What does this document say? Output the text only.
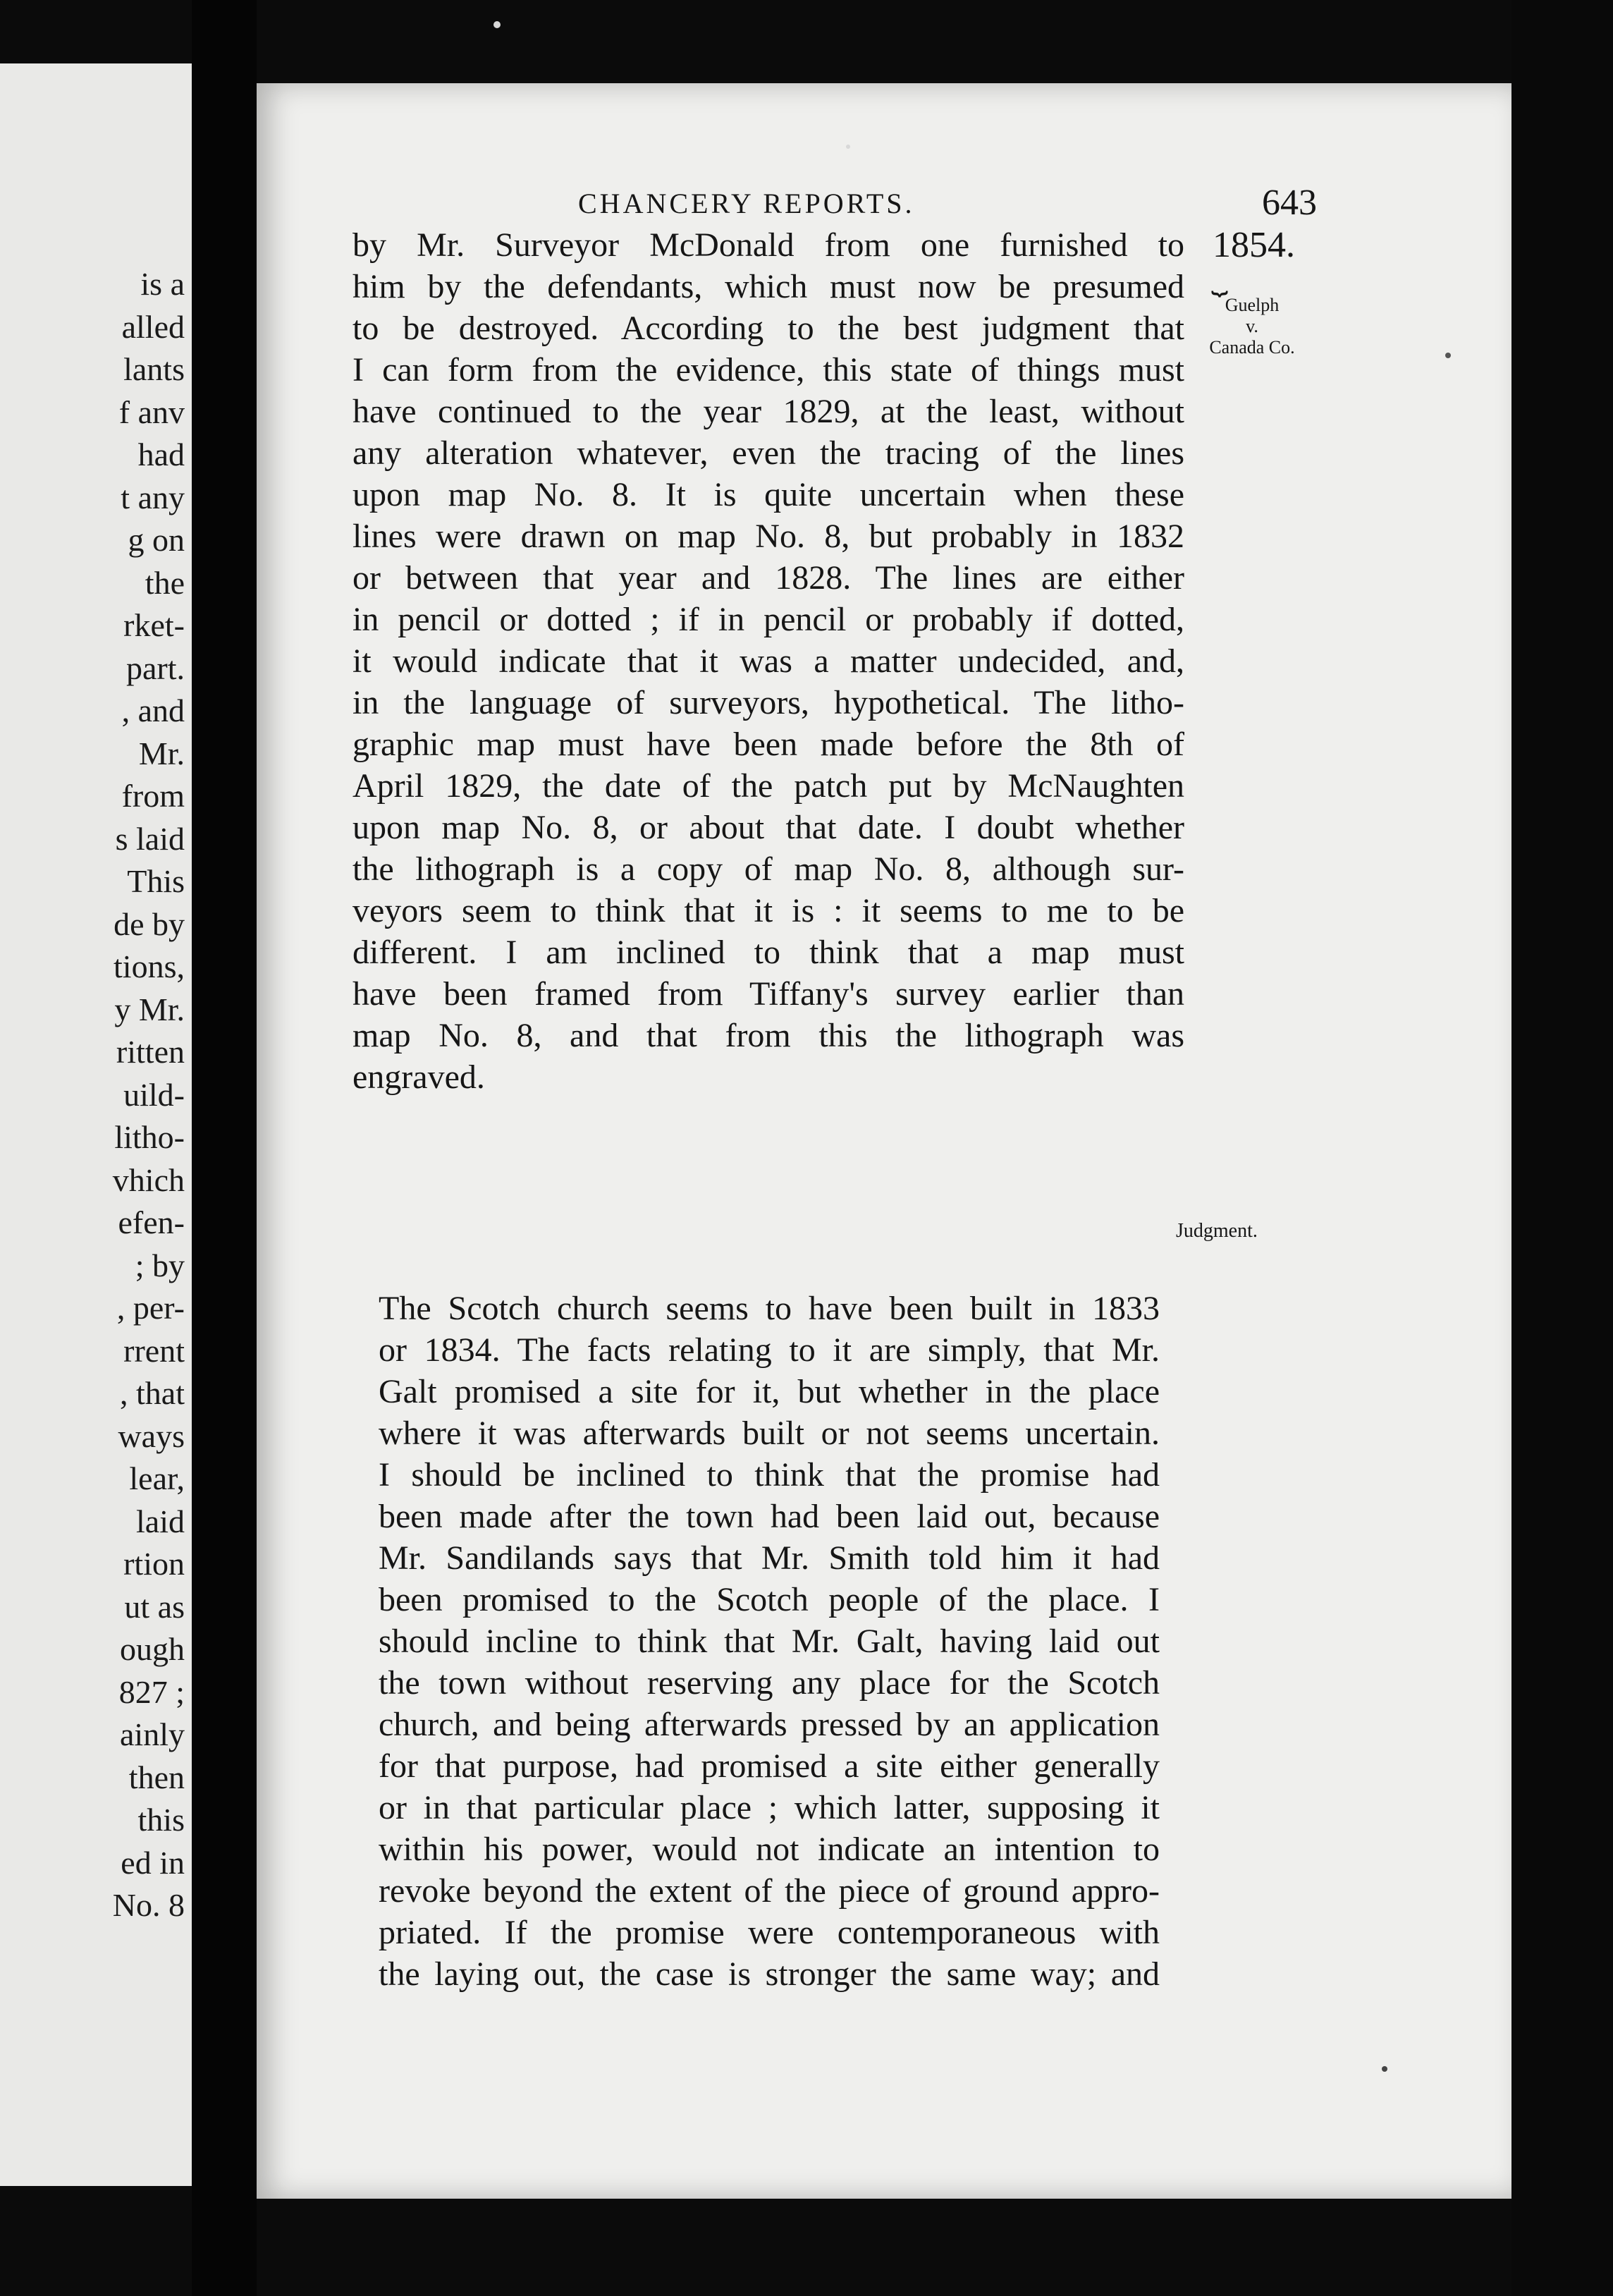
is a
alled
lants
f anv
had
t any
g on
the
rket-
part.
, and
Mr.
from
s laid
This
de by
tions,
y Mr.
ritten
uild-
litho-
vhich
efen-
; by
, per-
rrent
, that
ways
lear,
laid
rtion
ut as
ough
827 ;
ainly
then
this
ed in
No. 8
CHANCERY REPORTS.	643
1854.
⏟
Guelph
v.
Canada Co.
Judgment.
by Mr. Surveyor McDonald from one furnished to
him by the defendants, which must now be presumed
to be destroyed. According to the best judgment that
I can form from the evidence, this state of things must
have continued to the year 1829, at the least, without
any alteration whatever, even the tracing of the lines
upon map No. 8. It is quite uncertain when these
lines were drawn on map No. 8, but probably in 1832
or between that year and 1828. The lines are either
in pencil or dotted ; if in pencil or probably if dotted,
it would indicate that it was a matter undecided, and,
in the language of surveyors, hypothetical. The litho-
graphic map must have been made before the 8th of
April 1829, the date of the patch put by McNaughten
upon map No. 8, or about that date. I doubt whether
the lithograph is a copy of map No. 8, although sur-
veyors seem to think that it is : it seems to me to be
different. I am inclined to think that a map must
have been framed from Tiffany's survey earlier than
map No. 8, and that from this the lithograph was
engraved.
The Scotch church seems to have been built in 1833
or 1834. The facts relating to it are simply, that Mr.
Galt promised a site for it, but whether in the place
where it was afterwards built or not seems uncertain.
I should be inclined to think that the promise had
been made after the town had been laid out, because
Mr. Sandilands says that Mr. Smith told him it had
been promised to the Scotch people of the place. I
should incline to think that Mr. Galt, having laid out
the town without reserving any place for the Scotch
church, and being afterwards pressed by an application
for that purpose, had promised a site either generally
or in that particular place ; which latter, supposing it
within his power, would not indicate an intention to
revoke beyond the extent of the piece of ground appro-
priated. If the promise were contemporaneous with
the laying out, the case is stronger the same way; and
